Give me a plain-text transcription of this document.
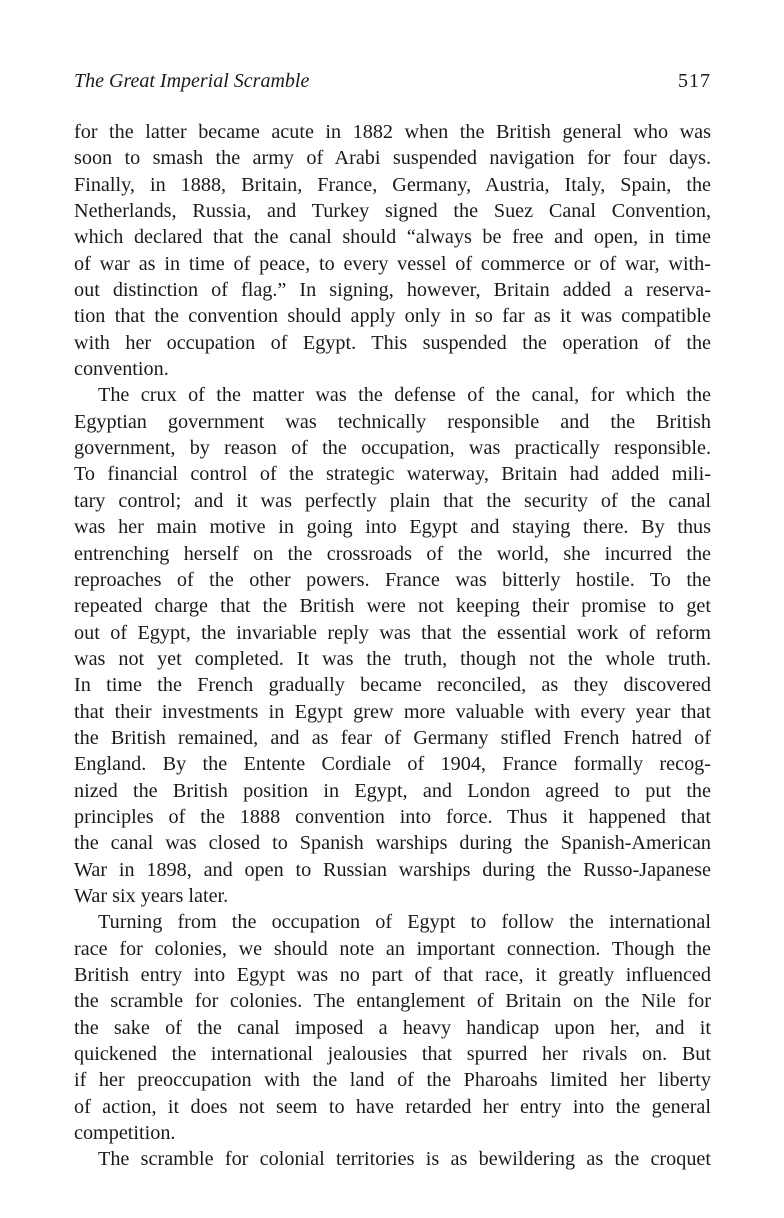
The Great Imperial Scramble	517
for the latter became acute in 1882 when the British general who was
soon to smash the army of Arabi suspended navigation for four days.
Finally, in 1888, Britain, France, Germany, Austria, Italy, Spain, the
Netherlands, Russia, and Turkey signed the Suez Canal Convention,
which declared that the canal should “always be free and open, in time
of war as in time of peace, to every vessel of commerce or of war, with-
out distinction of flag.” In signing, however, Britain added a reserva-
tion that the convention should apply only in so far as it was compatible
with her occupation of Egypt. This suspended the operation of the
convention.
The crux of the matter was the defense of the canal, for which the
Egyptian government was technically responsible and the British
government, by reason of the occupation, was practically responsible.
To financial control of the strategic waterway, Britain had added mili-
tary control; and it was perfectly plain that the security of the canal
was her main motive in going into Egypt and staying there. By thus
entrenching herself on the crossroads of the world, she incurred the
reproaches of the other powers. France was bitterly hostile. To the
repeated charge that the British were not keeping their promise to get
out of Egypt, the invariable reply was that the essential work of reform
was not yet completed. It was the truth, though not the whole truth.
In time the French gradually became reconciled, as they discovered
that their investments in Egypt grew more valuable with every year that
the British remained, and as fear of Germany stifled French hatred of
England. By the Entente Cordiale of 1904, France formally recog-
nized the British position in Egypt, and London agreed to put the
principles of the 1888 convention into force. Thus it happened that
the canal was closed to Spanish warships during the Spanish-American
War in 1898, and open to Russian warships during the Russo-Japanese
War six years later.
Turning from the occupation of Egypt to follow the international
race for colonies, we should note an important connection. Though the
British entry into Egypt was no part of that race, it greatly influenced
the scramble for colonies. The entanglement of Britain on the Nile for
the sake of the canal imposed a heavy handicap upon her, and it
quickened the international jealousies that spurred her rivals on. But
if her preoccupation with the land of the Pharoahs limited her liberty
of action, it does not seem to have retarded her entry into the general
competition.
The scramble for colonial territories is as bewildering as the croquet
